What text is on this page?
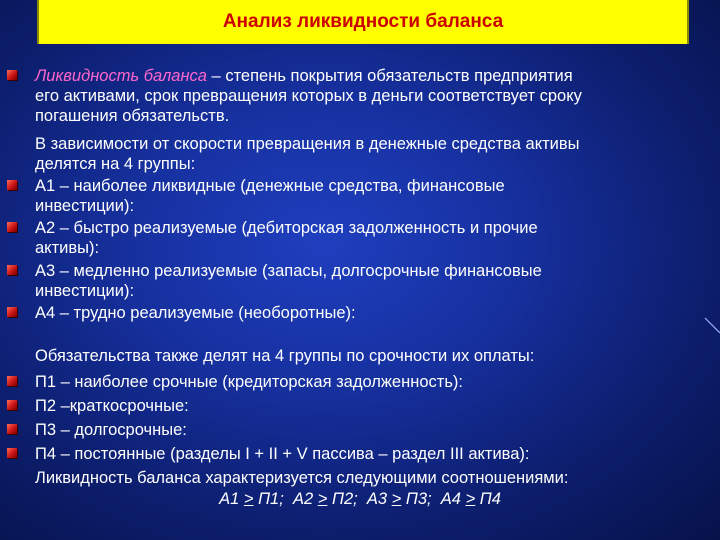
Анализ ликвидности баланса
Ликвидность баланса – степень покрытия обязательств предприятия
его активами, срок превращения которых в деньги соответствует сроку
погашения обязательств.
В зависимости от скорости превращения в денежные средства активы
делятся на 4 группы:
А1 – наиболее ликвидные (денежные средства, финансовые
инвестиции):
А2 – быстро реализуемые (дебиторская задолженность и прочие
активы):
А3 – медленно реализуемые (запасы, долгосрочные финансовые
инвестиции):
А4 – трудно реализуемые (необоротные):
Обязательства также делят на 4 группы по срочности их оплаты:
П1 – наиболее срочные (кредиторская задолженность):
П2 –краткосрочные:
П3 – долгосрочные:
П4 – постоянные (разделы I + II + V пассива – раздел III актива):
Ликвидность баланса характеризуется следующими соотношениями:
А1 > П1; А2 > П2; А3 > П3; А4 > П4
